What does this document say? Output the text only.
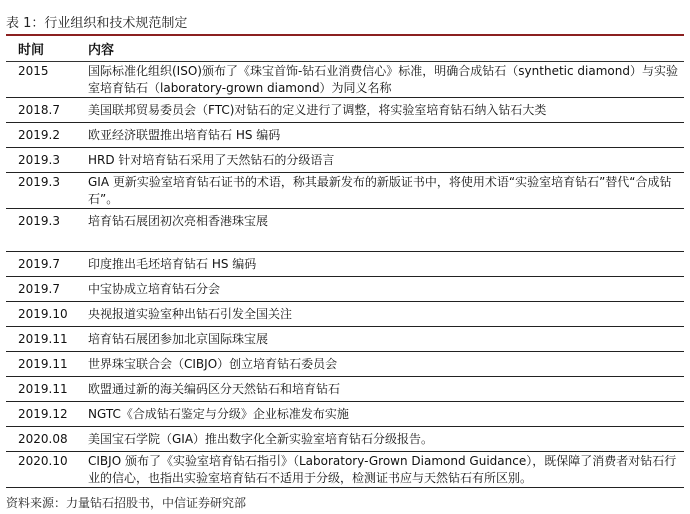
表 1：行业组织和技术规范制定
时间	内容
2015	国际标准化组织(ISO)颁布了《珠宝首饰-钻石业消费信心》标准，明确合成钻石（synthetic diamond）与实验室培育钻石（laboratory-grown diamond）为同义名称
2018.7	美国联邦贸易委员会（FTC)对钻石的定义进行了调整，将实验室培育钻石纳入钻石大类
2019.2	欧亚经济联盟推出培育钻石 HS 编码
2019.3	HRD 针对培育钻石采用了天然钻石的分级语言
2019.3	GIA 更新实验室培育钻石证书的术语，称其最新发布的新版证书中，将使用术语“实验室培育钻石”替代“合成钻石”。
2019.3	培育钻石展团初次亮相香港珠宝展
2019.7	印度推出毛坯培育钻石 HS 编码
2019.7	中宝协成立培育钻石分会
2019.10	央视报道实验室种出钻石引发全国关注
2019.11	培育钻石展团参加北京国际珠宝展
2019.11	世界珠宝联合会（CIBJO）创立培育钻石委员会
2019.11	欧盟通过新的海关编码区分天然钻石和培育钻石
2019.12	NGTC《合成钻石鉴定与分级》企业标准发布实施
2020.08	美国宝石学院（GIA）推出数字化全新实验室培育钻石分级报告。
2020.10	CIBJO 颁布了《实验室培育钻石指引》（Laboratory-Grown Diamond Guidance），既保障了消费者对钻石行业的信心，也指出实验室培育钻石不适用于分级，检测证书应与天然钻石有所区别。
资料来源：力量钻石招股书，中信证券研究部
